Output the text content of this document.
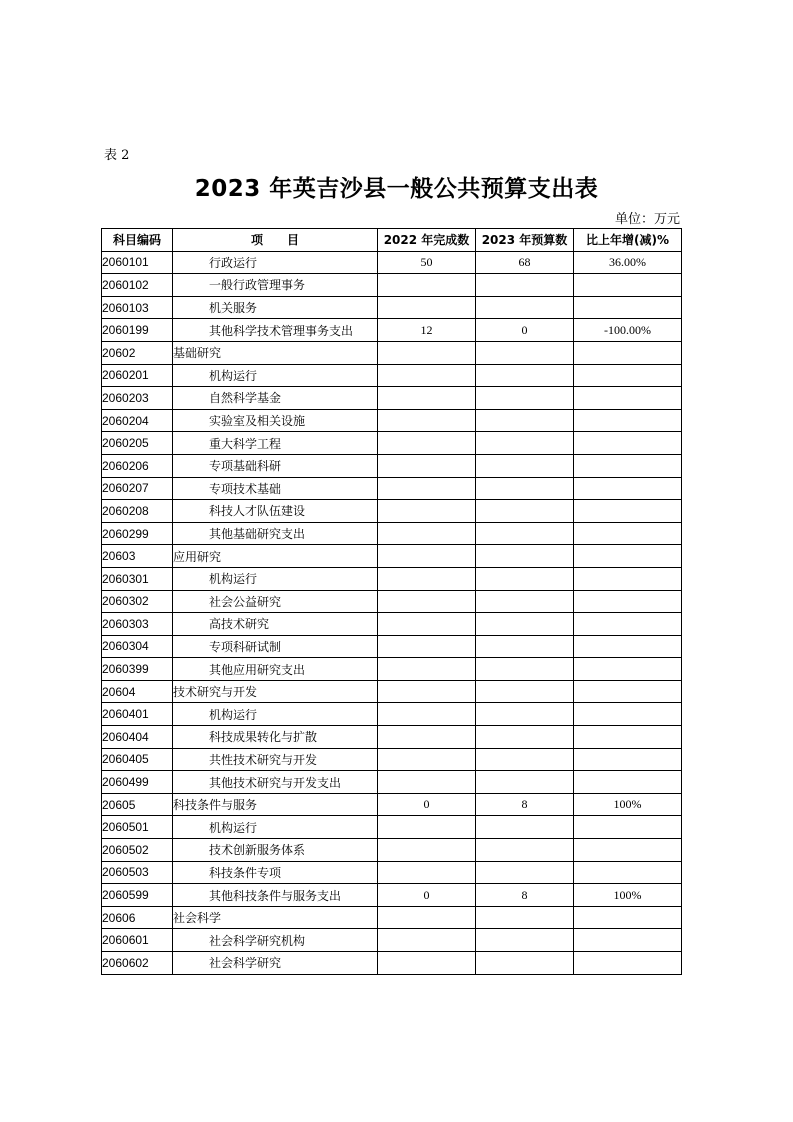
表 2
2023 年英吉沙县一般公共预算支出表
单位：万元
科目编码	项　　目	2022 年完成数	2023 年预算数	比上年增(减)%
2060101	行政运行	50	68	36.00%
2060102	一般行政管理事务			
2060103	机关服务			
2060199	其他科学技术管理事务支出	12	0	-100.00%
20602	基础研究			
2060201	机构运行			
2060203	自然科学基金			
2060204	实验室及相关设施			
2060205	重大科学工程			
2060206	专项基础科研			
2060207	专项技术基础			
2060208	科技人才队伍建设			
2060299	其他基础研究支出			
20603	应用研究			
2060301	机构运行			
2060302	社会公益研究			
2060303	高技术研究			
2060304	专项科研试制			
2060399	其他应用研究支出			
20604	技术研究与开发			
2060401	机构运行			
2060404	科技成果转化与扩散			
2060405	共性技术研究与开发			
2060499	其他技术研究与开发支出			
20605	科技条件与服务	0	8	100%
2060501	机构运行			
2060502	技术创新服务体系			
2060503	科技条件专项			
2060599	其他科技条件与服务支出	0	8	100%
20606	社会科学			
2060601	社会科学研究机构			
2060602	社会科学研究			
